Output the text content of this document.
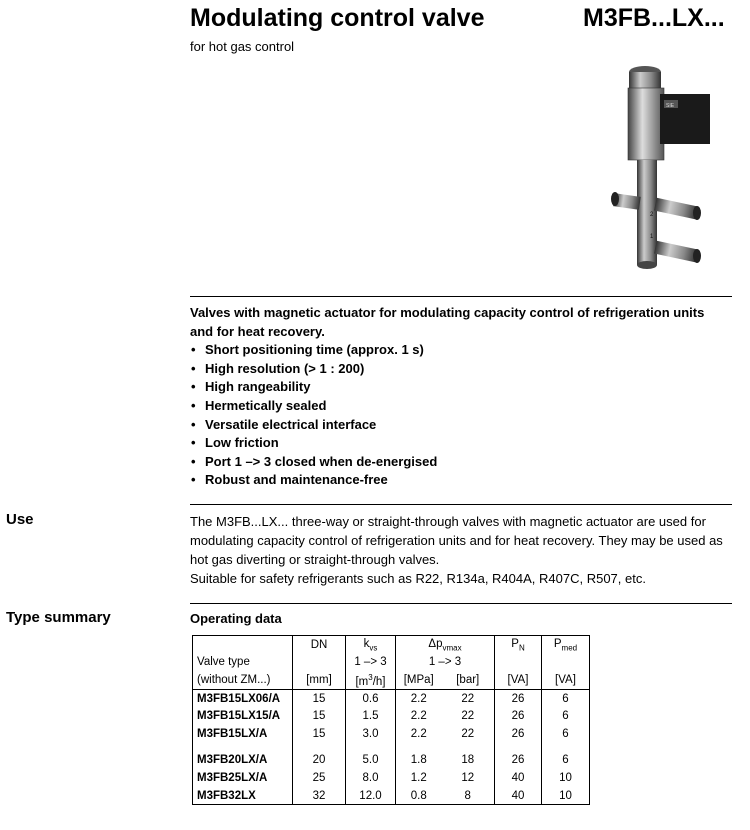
Modulating control valve	M3FB...LX...
for hot gas control
SIE
2
1
Valves with magnetic actuator for modulating capacity control of refrigeration units and for heat recovery.
• Short positioning time (approx. 1 s)
• High resolution (> 1 : 200)
• High rangeability
• Hermetically sealed
• Versatile electrical interface
• Low friction
• Port 1 –> 3 closed when de-energised
• Robust and maintenance-free
Use	The M3FB...LX... three-way or straight-through valves with magnetic actuator are used for modulating capacity control of refrigeration units and for heat recovery. They may be used as hot gas diverting or straight-through valves.
Suitable for safety refrigerants such as R22, R134a, R404A, R407C, R507, etc.
Type summary	Operating data
	DN	$k_{vs}$	$\Delta p_{vmax}$		$P_N$	$P_{med}$
Valve type		1 –> 3	1 –> 3			
(without ZM...)	[mm]	$[m^3/h]$	[MPa]	[bar]	[VA]	[VA]
M3FB15LX06/A	15	0.6	2.2	22	26	6
M3FB15LX15/A	15	1.5	2.2	22	26	6
M3FB15LX/A	15	3.0	2.2	22	26	6

M3FB20LX/A	20	5.0	1.8	18	26	6
M3FB25LX/A	25	8.0	1.2	12	40	10
M3FB32LX	32	12.0	0.8	8	40	10
